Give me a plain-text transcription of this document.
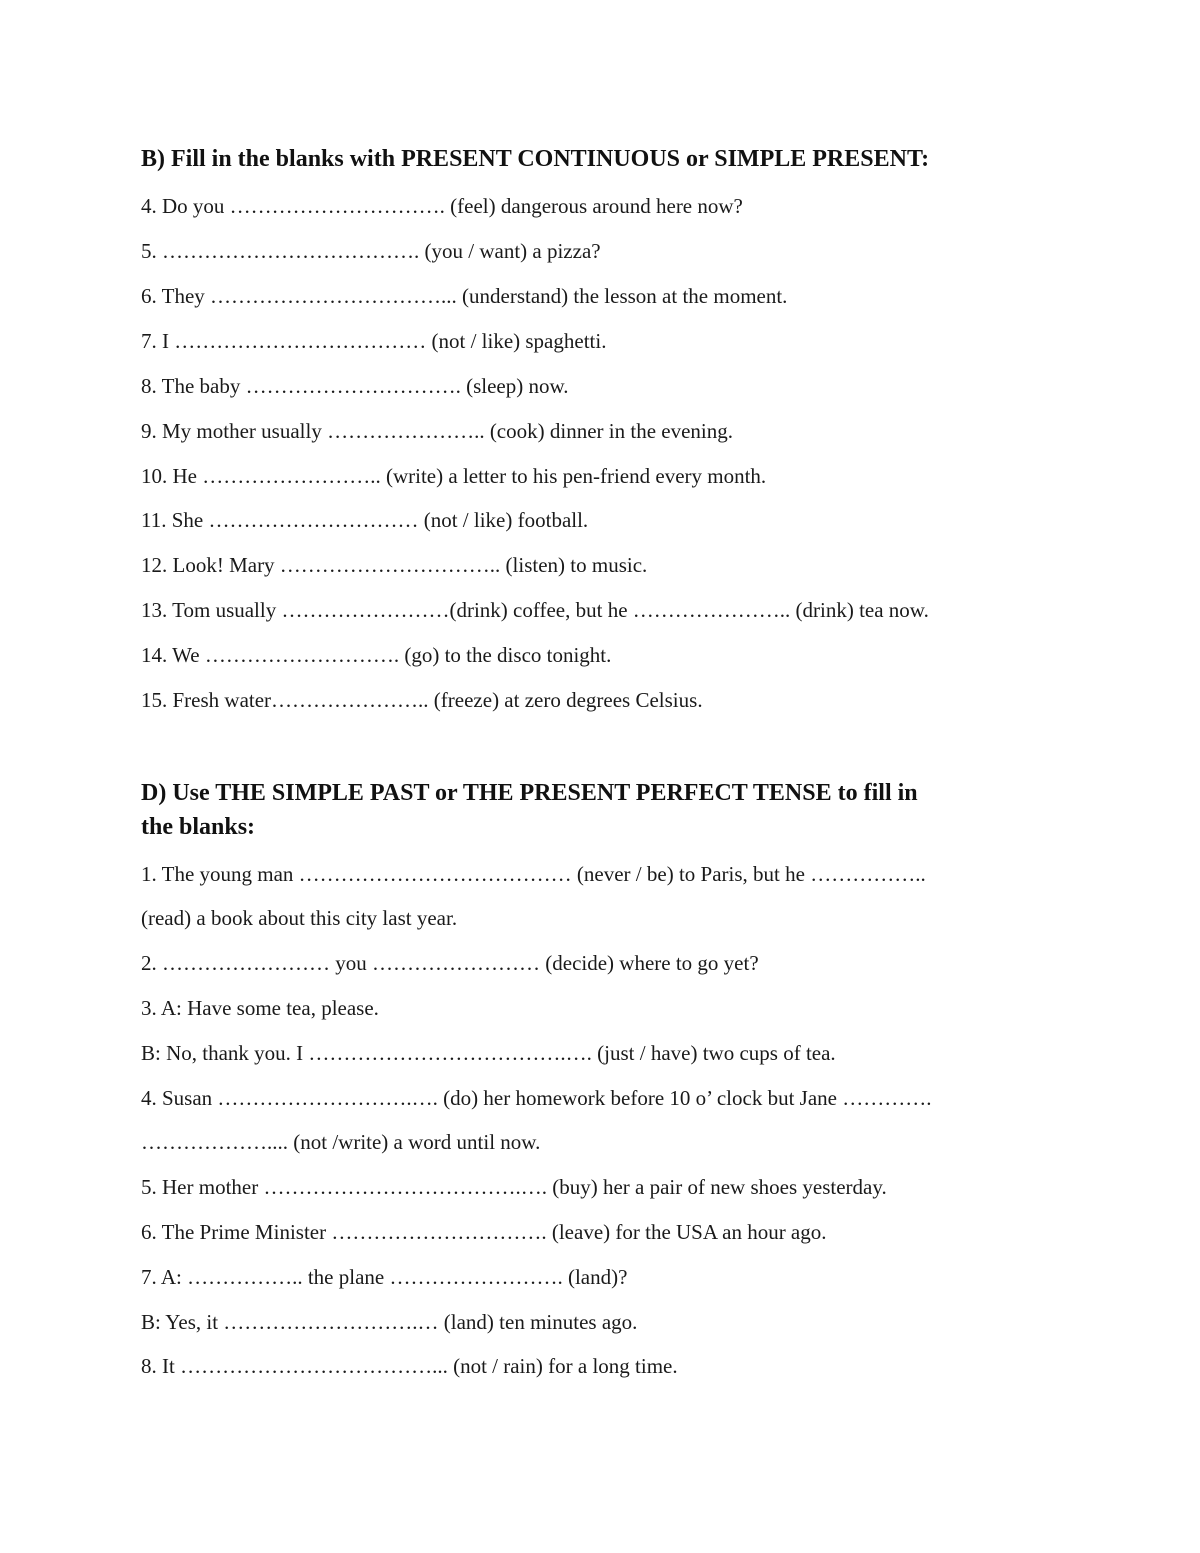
B) Fill in the blanks with PRESENT CONTINUOUS or SIMPLE PRESENT:
4. Do you …………………………. (feel) dangerous around here now?
5. ………………………………. (you / want) a pizza?
6. They ……………………………... (understand) the lesson at the moment.
7. I ……………………………… (not / like) spaghetti.
8. The baby …………………………. (sleep) now.
9. My mother usually ………………….. (cook) dinner in the evening.
10. He …………………….. (write) a letter to his pen-friend every month.
11. She ………………………… (not / like) football.
12. Look! Mary ………………………….. (listen) to music.
13. Tom usually ……………………(drink) coffee, but he ………………….. (drink) tea now.
14. We ………………………. (go) to the disco tonight.
15. Fresh water………………….. (freeze) at zero degrees Celsius.
D) Use THE SIMPLE PAST or THE PRESENT PERFECT TENSE to fill in
the blanks:
1. The young man ………………………………… (never / be) to Paris, but he ……………..
(read) a book about this city last year.
2. …………………… you …………………… (decide) where to go yet?
3. A: Have some tea, please.
B: No, thank you. I ……………………………….…. (just / have) two cups of tea.
4. Susan ……………………….…. (do) her homework before 10 o’ clock but Jane ………….
……………….... (not /write) a word until now.
5. Her mother ……………………………….…. (buy) her a pair of new shoes yesterday.
6. The Prime Minister …………………………. (leave) for the USA an hour ago.
7. A: …………….. the plane ……………………. (land)?
B: Yes, it ……………………….… (land) ten minutes ago.
8. It ………………………………... (not / rain) for a long time.
